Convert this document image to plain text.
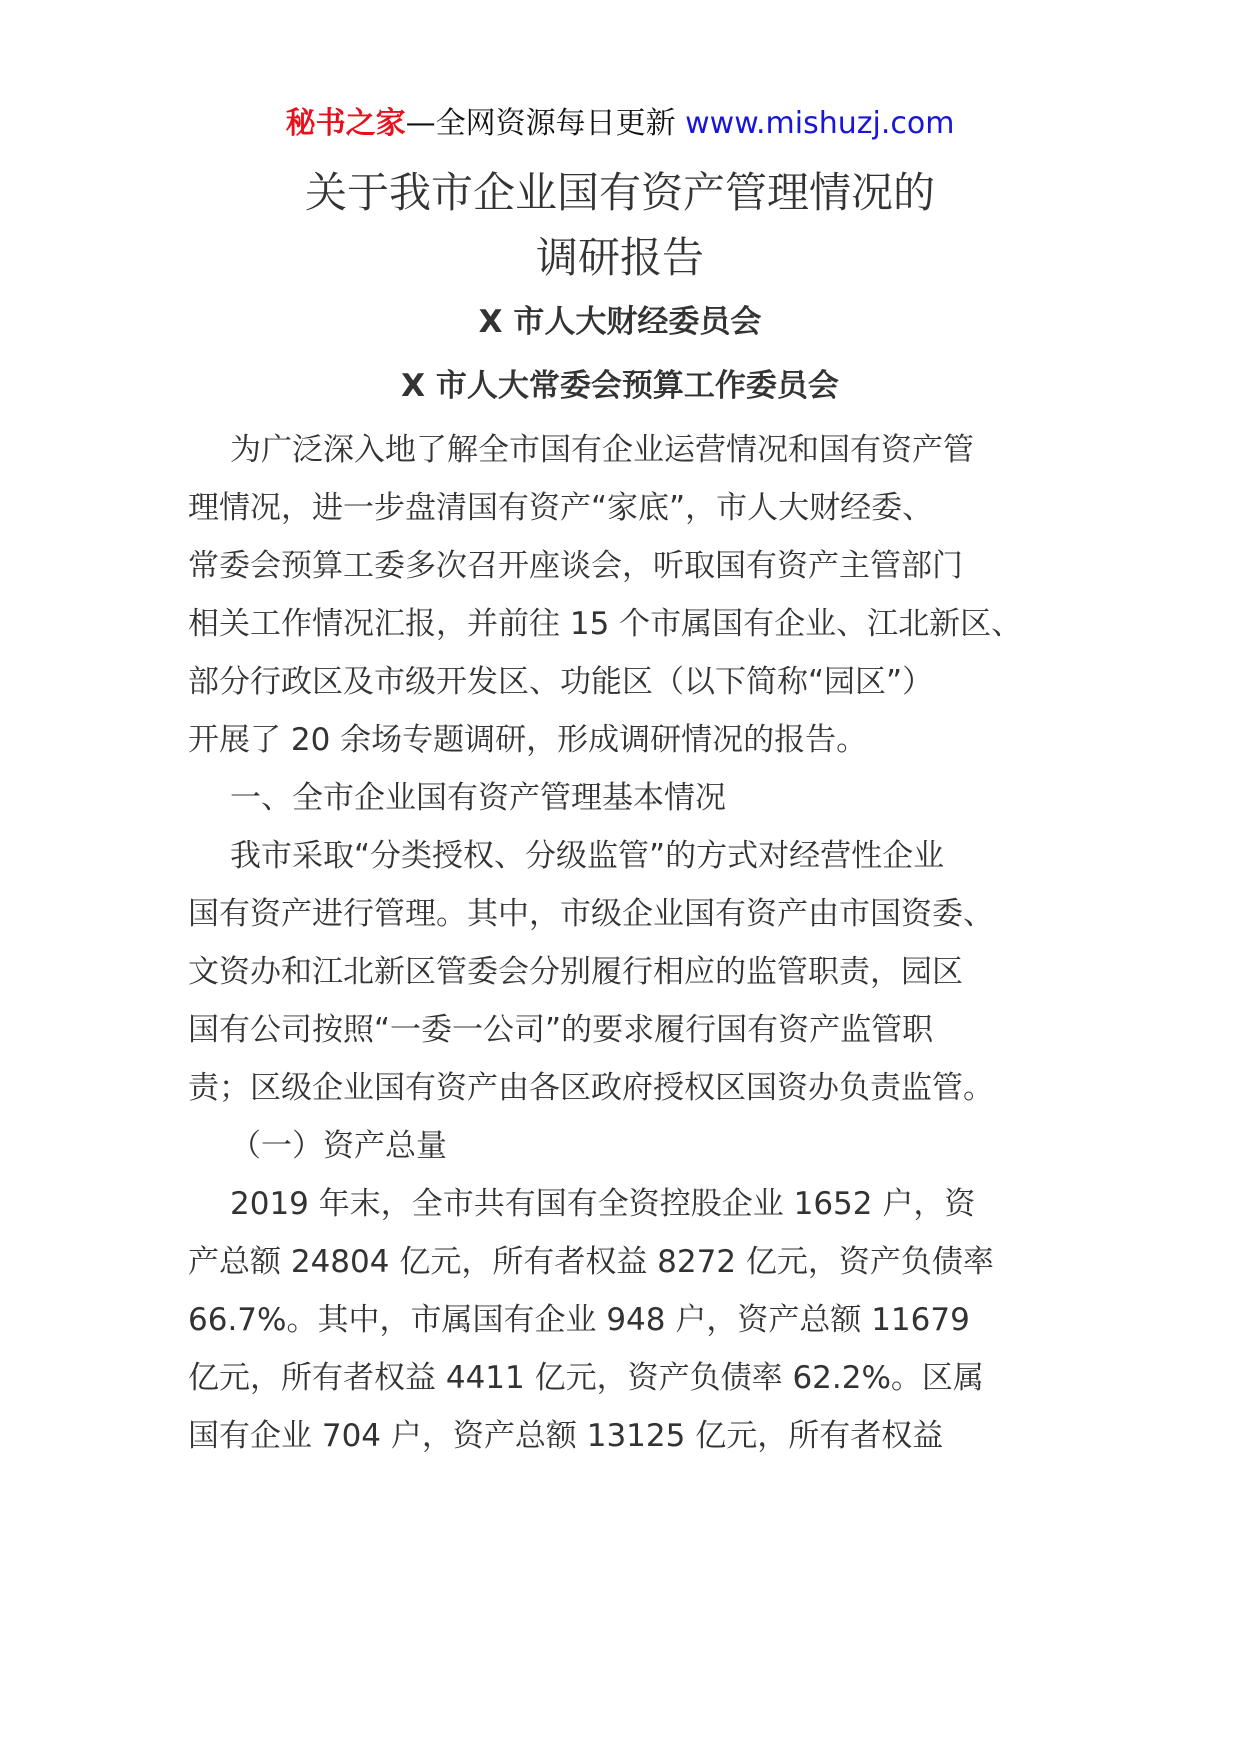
秘书之家—全网资源每日更新 www.mishuzj.com
关于我市企业国有资产管理情况的
调研报告
X 市人大财经委员会
X 市人大常委会预算工作委员会
为广泛深入地了解全市国有企业运营情况和国有资产管
理情况，进一步盘清国有资产“家底”，市人大财经委、
常委会预算工委多次召开座谈会，听取国有资产主管部门
相关工作情况汇报，并前往 15 个市属国有企业、江北新区、
部分行政区及市级开发区、功能区（以下简称“园区”）
开展了 20 余场专题调研，形成调研情况的报告。
一、全市企业国有资产管理基本情况
我市采取“分类授权、分级监管”的方式对经营性企业
国有资产进行管理。其中，市级企业国有资产由市国资委、
文资办和江北新区管委会分别履行相应的监管职责，园区
国有公司按照“一委一公司”的要求履行国有资产监管职
责；区级企业国有资产由各区政府授权区国资办负责监管。
（一）资产总量
2019 年末，全市共有国有全资控股企业 1652 户，资
产总额 24804 亿元，所有者权益 8272 亿元，资产负债率
66.7%。其中，市属国有企业 948 户，资产总额 11679
亿元，所有者权益 4411 亿元，资产负债率 62.2%。区属
国有企业 704 户，资产总额 13125 亿元，所有者权益
